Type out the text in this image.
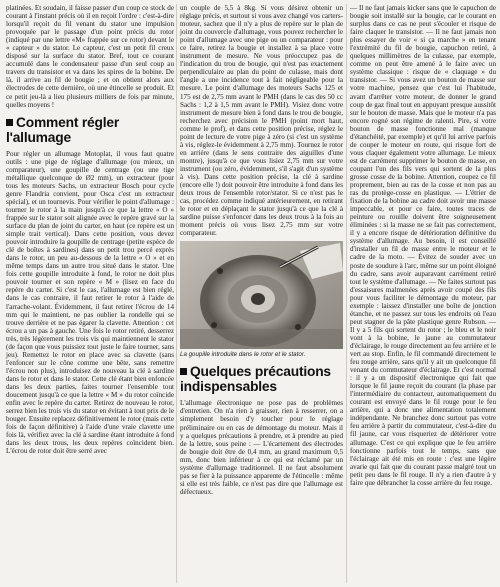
platinées. Et soudain, il faisse passer d'un coup ce stock de courant à l'instant précis où il en reçoit l'ordre : c'est-à-dire lorsqu'il reçoit du fil venant du stator une impulsion provoquée par le passage d'un point précis du rotor (indiqué par une lettre «M» frappée sur ce rotor) devant le « capteur » du stator. Le capteur, c'est un petit fil creux disposé sur la surface du stator. Bref, tout ce courant accumulé dans le condensateur passe d'un seul coup au travers du transistor et va dans les spires de la bobine. De là, il arrive au fil de bougie ; et on obtient alors aux électrodes de cette dernière, où une étincelle se produit. Et ce petit jeu-là a lieu plusieurs milliers de fois par minute, quelles moyens !

Comment régler l'allumage

Pour régler un allumage Motoplat, il vous faut quatre outils : une pige de réglage d'allumage (ou mieux, un comparateur), une goupille de centrage (ou une tige métallique quelconque de Ø2 mm), un extracteur (pour tous les moteurs Sachs, un extracteur Bosch pour cycle genre Flandria convient, pour Osca c'est un extracteur spécial), et un tournevis. Pour vérifier le point d'allumage : tourner le rotor à la main jusqu'à ce que la lettre « O » frappée sur le stator soit alignée avec le repère gravé sur la surface du plan de joint du carter, en haut (ce repère est un simple trait vertical). Dans cette position, vous devez pouvoir introduire la goupille de centrage (petite espèce de clé de boîtes à sardines) dans un petit trou percé exprès dans le rotor, un peu au-dessous de la lettre « O » et en même temps dans un autre trou situé dans le stator. Une fois cette goupille introduite à fond, le rotor ne doit plus pouvoir tourner et son repère « M » (lisez en face du repère du carter. Si c'est le cas, l'allumage est bien réglé, dans le cas contraire, il faut retirer le rotor à l'aide de l'arrache-volant. Évidemment, il faut retirer l'écrou de 14 mm qui le maintient, ne pas oublier la rondelle qui se trouve derrière et ne pas égarer la clavette. Attention : cet écrou a un pas à gauche. Une fois le rotor retiré, desserrez très, très légèrement les trois vis qui maintiennent le stator (de façon que vous puissiez tout juste le faire tourner, sans jeu). Remettez le rotor en place avec sa clavette (sans l'enfoncer sur le cône comme une bête, sans remettre l'écrou non plus), introduisez de nouveau la clé à sardine dans le rotor et dans le stator. Cette clé étant bien enfoncée dans les deux parties, faites tourner l'ensemble tout doucement jusqu'à ce que la lettre « M » du rotor coïncide enfin avec le repère du carter. Retirez de nouveau le rotor, serrez bien les trois vis du stator en évitant à tout prix de le bouger. Ensuite replacez définitivement le rotor (mais cette fois de façon définitive) à l'aide d'une vraie clavette une fois là, vérifiez avec la clé à sardine étant introduite à fond dans les deux trous, les deux repères coïncident bien. L'écrou de rotor doit être serré avec

un couple de 5,5 à 8kg. Si vous désirez obtenir un réglage précis, et surtout si vous avez changé vos carters-moteur, sachez que il n'y a plus de repère sur le plan de joint du couvercle d'allumage, vous pouvez rechercher le point d'allumage avec une pige ou un comparateur : pour ce faire, retirez la bougie et installez à sa place votre instrument de mesure. Ne vous préoccupez pas de l'indication du trou de bougie, qui n'est pas exactement perpendiculaire au plan du point de culasse, mais dont l'angle a une incidence tout à fait négligeable pour la mesure. Le point d'allumage des moteurs Sachs 125 et 175 est de 2,75 mm avant le PMH (dans le cas des 50 cc Sachs : 1,2 à 1,5 mm avant le PMH). Visiez donc votre instrument de mesure bien à fond dans le trou de bougie, recherchez avec précision le PMH (point mort haut, comme le prof), et dans cette position précise, réglez le point de lecture de votre pige à zéro (si c'est un système à vis, réglez-le évidemment à 2,75 mm). Tournez le rotor en arrière (dans le sens contraire des aiguilles d'une montre), jusqu'à ce que vous lisiez 2,75 mm sur votre instrument (ou zéro, évidemment, s'il s'agit d'un système à vis). Dans cette position précise, la clé à sardine (encore elle !) doit pouvoir être introduite à fond dans les deux trous de l'ensemble rotor/stator. Si ce n'est pas le cas, procédez comme indiqué antérieurement, en retirant le rotor et en déplaçant le stator jusqu'à ce que la clé à sardine puisse s'enfoncer dans les deux trous à la fois au moment précis où vous lisez 2,75 mm sur votre comparateur.

La goupille introduite dans le rotor et le stator.

Quelques précautions indispensables

L'allumage électronique ne pose pas de problèmes d'entretien. On n'a rien à graisser, rien à resserrer, on a simplement besoin d'y toucher pour le réglage préliminaire ou en cas de démontage du moteur. Mais il y a quelques précautions à prendre, et à prendre au pied de la lettre, sous peine : — L'écartement des électrodes de bougie doit être de 0,4 mm, au grand maximum 0,5 mm, donc bien inférieur à ce qui est réclamé par un système d'allumage traditionnel. Il ne faut absolument pas se fier à la puissance apparente de l'étincelle : même si elle est très faible, ce n'est pas dire que l'allumage est défectueux.

— Il ne faut jamais kicker sans que le capuchon de bougie soit installé sur la bougie, car le courant en surplus dans ce cas ne peut s'écouler et risque de faire claquer le transistor. — Il ne faut jamais non plus essayer de voir « si ça marche » en tenant l'extrémité du fil de bougie, capuchon retiré, à quelques millimètres de la culasse, par exemple, comme on peut être amené à le faire avec un système classique : risque de « claquage » du transistor. — Si vous avez un bouton de masse sur votre machine, pensez que c'est lui l'habitude, avant d'arrêter votre moteur, de donner le grand coup de gaz final tout en appuyant presque aussitôt sur le bouton de masse. Mais que le moteur n'a pas encore rogné son régime de ralenti. Pire, si votre bouton de masse fonctionne mal (manque d'étanchéité, par exemple) et qu'il lui arrive parfois de couper le moteur en route, qui risque fort de vous claquer également votre allumage. Le mieux est de carrément supprimer le bouton de masse, en coupant l'un des fils vers qui sortent de la plus grosse cosse de la bobine. Attention, coupez ce fil proprement, bien au ras de la cosse et non pas au ras du protège-cosse en plastique. — L'étrier de fixation de la bobine au cadre doit avoir une masse impeccable, et pour ce faire, toutes traces de peinture ou rouille doivent être soigneusement éliminées : si la masse ne se fait pas correctement, il y a encore risque de détérioration définitive du système d'allumage. Au besoin, il est conseillé d'installer un fil de masse entre le moteur et le cadre de la moto. — Évitez de souder avec un poste de soudure à l'arc, même sur un point éloigné du cadre, sans avoir auparavant carrément retiré tout le système d'allumage. — Ne faites surtout pas d'essaisures malmenées après avoir coupé des fils pour vous faciliter le démontage du moteur, par exemple : laissez d'installer une boîte de jonction étanche, et ne passez sur tous les endroits où l'eau peut stagner de la pâte plastique genre Rubson. — Il y a 5 fils qui sortent du rotor ; le bleu et le noir vont à la bobine, le jaune au commutateur d'éclairage, le rouge directement au feu arrière et le vert au stop. Enfin, le fil commandé directement le feu rouge arrière, sans qu'il y ait un quelconque fil venant du commutateur d'éclairage. Et c'est normal : il y a un dispositif électronique qui fait que lorsque le fil jaune reçoit du courant (la phase par l'intermédiaire du contacteur, automatiquement du courant est envoyé dans le fil rouge pour le feu arrière, qui a donc une alimentation totalement indépendante. Ne branchez donc surtout pas votre feu arrière à partir du commutateur, c'est-à-dire du fil jaune, car vous risqueriez de détériorer votre allumage. C'est ce qui explique que le feu arrière fonctionne parfois tout le temps, sans que l'éclairage ait été mis en route : c'est une légère avarie qui fait que du courant passe malgré tout un petit peu dans le fil rouge. Il n'y a rien d'autre à y faire que débrancher la cosse arrière du feu rouge.
